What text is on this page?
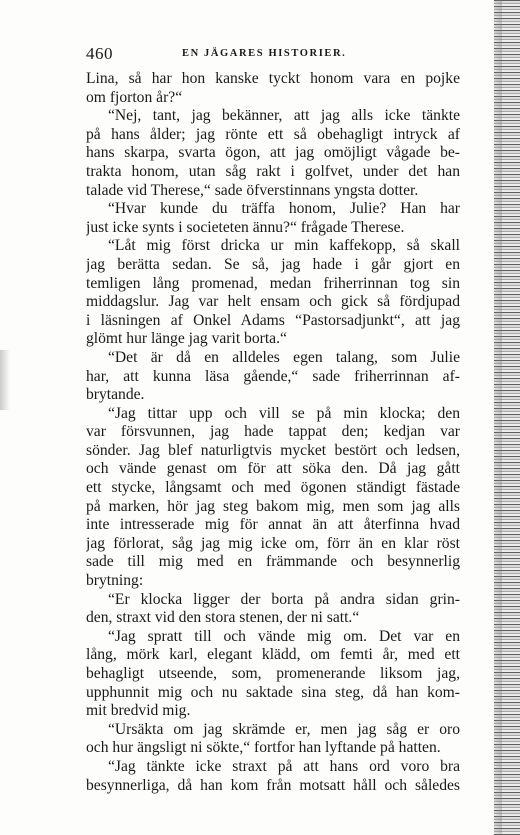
460	EN JÄGARES HISTORIER.
Lina, så har hon kanske tyckt honom vara en pojke
om fjorton år?“
“Nej, tant, jag bekänner, att jag alls icke tänkte
på hans ålder; jag rönte ett så obehagligt intryck af
hans skarpa, svarta ögon, att jag omöjligt vågade be-
trakta honom, utan såg rakt i golfvet, under det han
talade vid Therese,“ sade öfverstinnans yngsta dotter.
“Hvar kunde du träffa honom, Julie? Han har
just icke synts i societeten ännu?“ frågade Therese.
“Låt mig först dricka ur min kaffekopp, så skall
jag berätta sedan. Se så, jag hade i går gjort en
temligen lång promenad, medan friherrinnan tog sin
middagslur. Jag var helt ensam och gick så fördjupad
i läsningen af Onkel Adams “Pastorsadjunkt“, att jag
glömt hur länge jag varit borta.“
“Det är då en alldeles egen talang, som Julie
har, att kunna läsa gående,“ sade friherrinnan af-
brytande.
“Jag tittar upp och vill se på min klocka; den
var försvunnen, jag hade tappat den; kedjan var
sönder. Jag blef naturligtvis mycket bestört och ledsen,
och vände genast om för att söka den. Då jag gått
ett stycke, långsamt och med ögonen ständigt fästade
på marken, hör jag steg bakom mig, men som jag alls
inte intresserade mig för annat än att återfinna hvad
jag förlorat, såg jag mig icke om, förr än en klar röst
sade till mig med en främmande och besynnerlig
brytning:
“Er klocka ligger der borta på andra sidan grin-
den, straxt vid den stora stenen, der ni satt.“
“Jag spratt till och vände mig om. Det var en
lång, mörk karl, elegant klädd, om femti år, med ett
behagligt utseende, som, promenerande liksom jag,
upphunnit mig och nu saktade sina steg, då han kom-
mit bredvid mig.
“Ursäkta om jag skrämde er, men jag såg er oro
och hur ängsligt ni sökte,“ fortfor han lyftande på hatten.
“Jag tänkte icke straxt på att hans ord voro bra
besynnerliga, då han kom från motsatt håll och således
